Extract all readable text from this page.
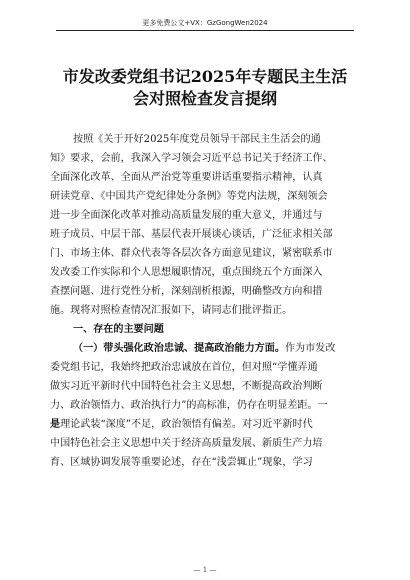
更多免费公文+VX：GzGongWen2024
市发改委党组书记2025年专题民主生活
会对照检查发言提纲
按照《关于开好2025年度党员领导干部民主生活会的通
知》要求，会前，我深入学习领会习近平总书记关于经济工作、
全面深化改革、全面从严治党等重要讲话重要指示精神，认真
研读党章、《中国共产党纪律处分条例》等党内法规，深刻领会
进一步全面深化改革对推动高质量发展的重大意义，并通过与
班子成员、中层干部、基层代表开展谈心谈话，广泛征求相关部
门、市场主体、群众代表等各层次各方面意见建议，紧密联系市
发改委工作实际和个人思想履职情况，重点围绕五个方面深入
查摆问题、进行党性分析，深刻剖析根源，明确整改方向和措
施。现将对照检查情况汇报如下，请同志们批评指正。
一、存在的主要问题
（一）带头强化政治忠诚、提高政治能力方面。作为市发改
委党组书记，我始终把政治忠诚放在首位，但对照“学懂弄通
做实习近平新时代中国特色社会主义思想，不断提高政治判断
力、政治领悟力、政治执行力”的高标准，仍存在明显差距。一
是理论武装“深度”不足，政治领悟有偏差。对习近平新时代
中国特色社会主义思想中关于经济高质量发展、新质生产力培
育、区域协调发展等重要论述，存在“浅尝辄止”现象，学习
— 1 —
